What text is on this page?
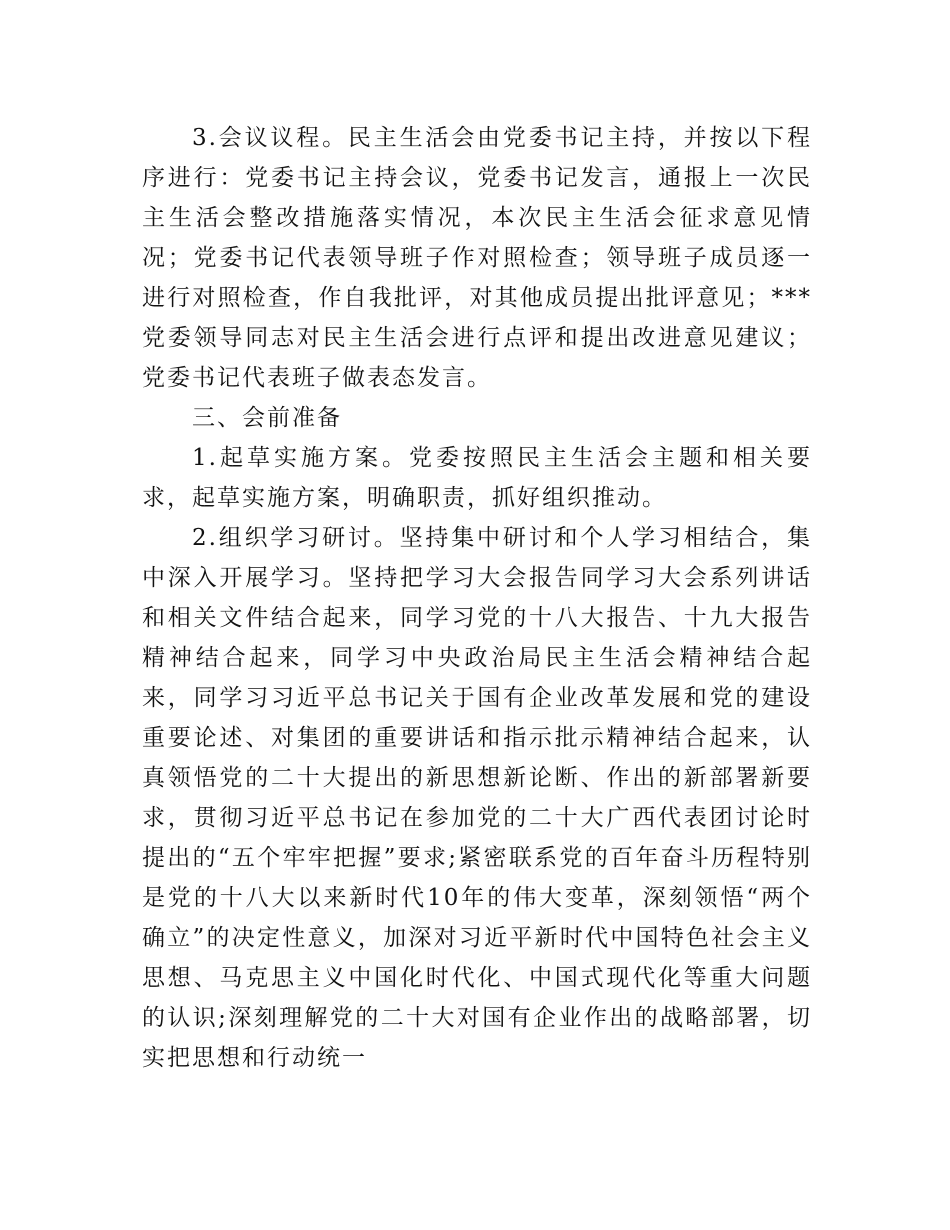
3.会议议程。民主生活会由党委书记主持，并按以下程序进行：党委书记主持会议，党委书记发言，通报上一次民主生活会整改措施落实情况，本次民主生活会征求意见情况；党委书记代表领导班子作对照检查；领导班子成员逐一进行对照检查，作自我批评，对其他成员提出批评意见；***党委领导同志对民主生活会进行点评和提出改进意见建议；党委书记代表班子做表态发言。

三、会前准备

1.起草实施方案。党委按照民主生活会主题和相关要求，起草实施方案，明确职责，抓好组织推动。

2.组织学习研讨。坚持集中研讨和个人学习相结合，集中深入开展学习。坚持把学习大会报告同学习大会系列讲话和相关文件结合起来，同学习党的十八大报告、十九大报告精神结合起来，同学习中央政治局民主生活会精神结合起来，同学习习近平总书记关于国有企业改革发展和党的建设重要论述、对集团的重要讲话和指示批示精神结合起来，认真领悟党的二十大提出的新思想新论断、作出的新部署新要求，贯彻习近平总书记在参加党的二十大广西代表团讨论时提出的“五个牢牢把握”要求;紧密联系党的百年奋斗历程特别是党的十八大以来新时代10年的伟大变革，深刻领悟“两个确立”的决定性意义，加深对习近平新时代中国特色社会主义思想、马克思主义中国化时代化、中国式现代化等重大问题的认识;深刻理解党的二十大对国有企业作出的战略部署，切实把思想和行动统一
